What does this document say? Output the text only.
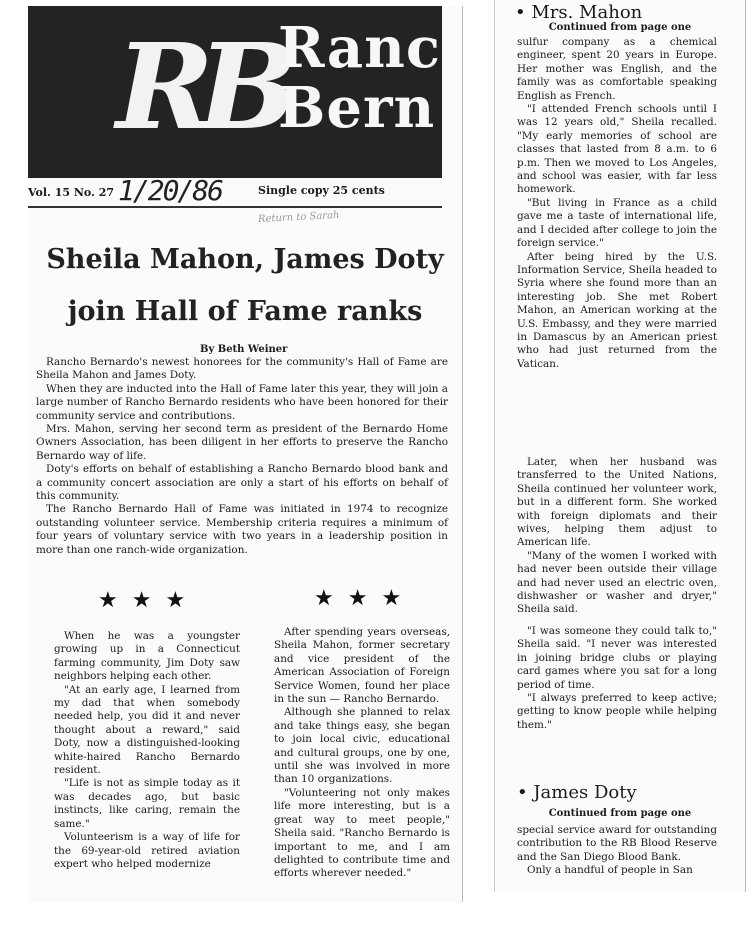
RB
Ranc
Bern
Vol. 15 No. 27 1/20/86	Single copy 25 cents
Return to Sarah
Sheila Mahon, James Doty
join Hall of Fame ranks
By Beth Weiner

Rancho Bernardo's newest honorees for the community's Hall of Fame are Sheila Mahon and James Doty.

When they are inducted into the Hall of Fame later this year, they will join a large number of Rancho Bernardo residents who have been honored for their community service and contributions.

Mrs. Mahon, serving her second term as president of the Bernardo Home Owners Association, has been diligent in her efforts to preserve the Rancho Bernardo way of life.

Doty's efforts on behalf of establishing a Rancho Bernardo blood bank and a community concert association are only a start of his efforts on behalf of this community.

The Rancho Bernardo Hall of Fame was initiated in 1974 to recognize outstanding volunteer service. Membership criteria requires a minimum of four years of voluntary service with two years in a leadership position in more than one ranch-wide organization.

★★★	★★★

When he was a youngster growing up in a Connecticut farming community, Jim Doty saw neighbors helping each other.

"At an early age, I learned from my dad that when somebody needed help, you did it and never thought about a reward," said Doty, now a distinguished-looking white-haired Rancho Bernardo resident.

"Life is not as simple today as it was decades ago, but basic instincts, like caring, remain the same."

Volunteerism is a way of life for the 69-year-old retired aviation expert who helped modernize

After spending years overseas, Sheila Mahon, former secretary and vice president of the American Association of Foreign Service Women, found her place in the sun — Rancho Bernardo.

Although she planned to relax and take things easy, she began to join local civic, educational and cultural groups, one by one, until she was involved in more than 10 organizations.

"Volunteering not only makes life more interesting, but is a great way to meet people," Sheila said. "Rancho Bernardo is important to me, and I am delighted to contribute time and efforts wherever needed."

• Mrs. Mahon
Continued from page one

sulfur company as a chemical engineer, spent 20 years in Europe. Her mother was English, and the family was as comfortable speaking English as French.

"I attended French schools until I was 12 years old," Sheila recalled. "My early memories of school are classes that lasted from 8 a.m. to 6 p.m. Then we moved to Los Angeles, and school was easier, with far less homework.

"But living in France as a child gave me a taste of international life, and I decided after college to join the foreign service."

After being hired by the U.S. Information Service, Sheila headed to Syria where she found more than an interesting job. She met Robert Mahon, an American working at the U.S. Embassy, and they were married in Damascus by an American priest who had just returned from the Vatican.

Later, when her husband was transferred to the United Nations, Sheila continued her volunteer work, but in a different form. She worked with foreign diplomats and their wives, helping them adjust to American life.

"Many of the women I worked with had never been outside their village and had never used an electric oven, dishwasher or washer and dryer," Sheila said.

"I was someone they could talk to," Sheila said. "I never was interested in joining bridge clubs or playing card games where you sat for a long period of time.

"I always preferred to keep active; getting to know people while helping them."

• James Doty
Continued from page one

special service award for outstanding contribution to the RB Blood Reserve and the San Diego Blood Bank.

Only a handful of people in San
